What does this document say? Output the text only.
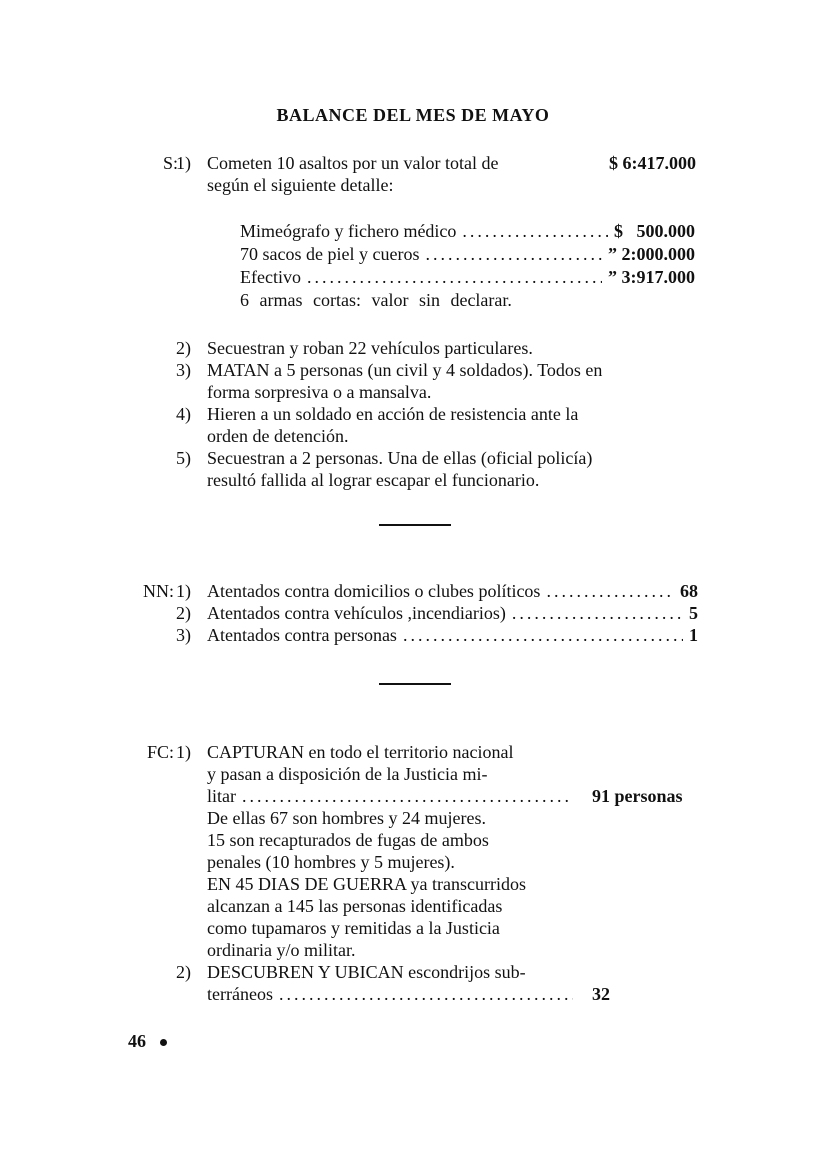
BALANCE DEL MES DE MAYO
S:
1) Cometen 10 asaltos por un valor total de	$ 6:417.000
según el siguiente detalle:
Mimeógrafo y fichero médico .....	$   500.000
70 sacos de piel y cueros .....	” 2:000.000
Efectivo .....	” 3:917.000
6 armas cortas: valor sin declarar.
2) Secuestran y roban 22 vehículos particulares.
3) MATAN a 5 personas (un civil y 4 soldados). Todos en
forma sorpresiva o a mansalva.
4) Hieren a un soldado en acción de resistencia ante la
orden de detención.
5) Secuestran a 2 personas. Una de ellas (oficial policía)
resultó fallida al lograr escapar el funcionario.
NN: 1) Atentados contra domicilios o clubes políticos .....	68
2) Atentados contra vehículos ,incendiarios) .....	5
3) Atentados contra personas .....	1
FC: 1) CAPTURAN en todo el territorio nacional
y pasan a disposición de la Justicia mi-
litar .....	91 personas
De ellas 67 son hombres y 24 mujeres.
15 son recapturados de fugas de ambos
penales (10 hombres y 5 mujeres).
EN 45 DIAS DE GUERRA ya transcurridos
alcanzan a 145 las personas identificadas
como tupamaros y remitidas a la Justicia
ordinaria y/o militar.
2) DESCUBREN Y UBICAN escondrijos sub-
terráneos .....	32
46
